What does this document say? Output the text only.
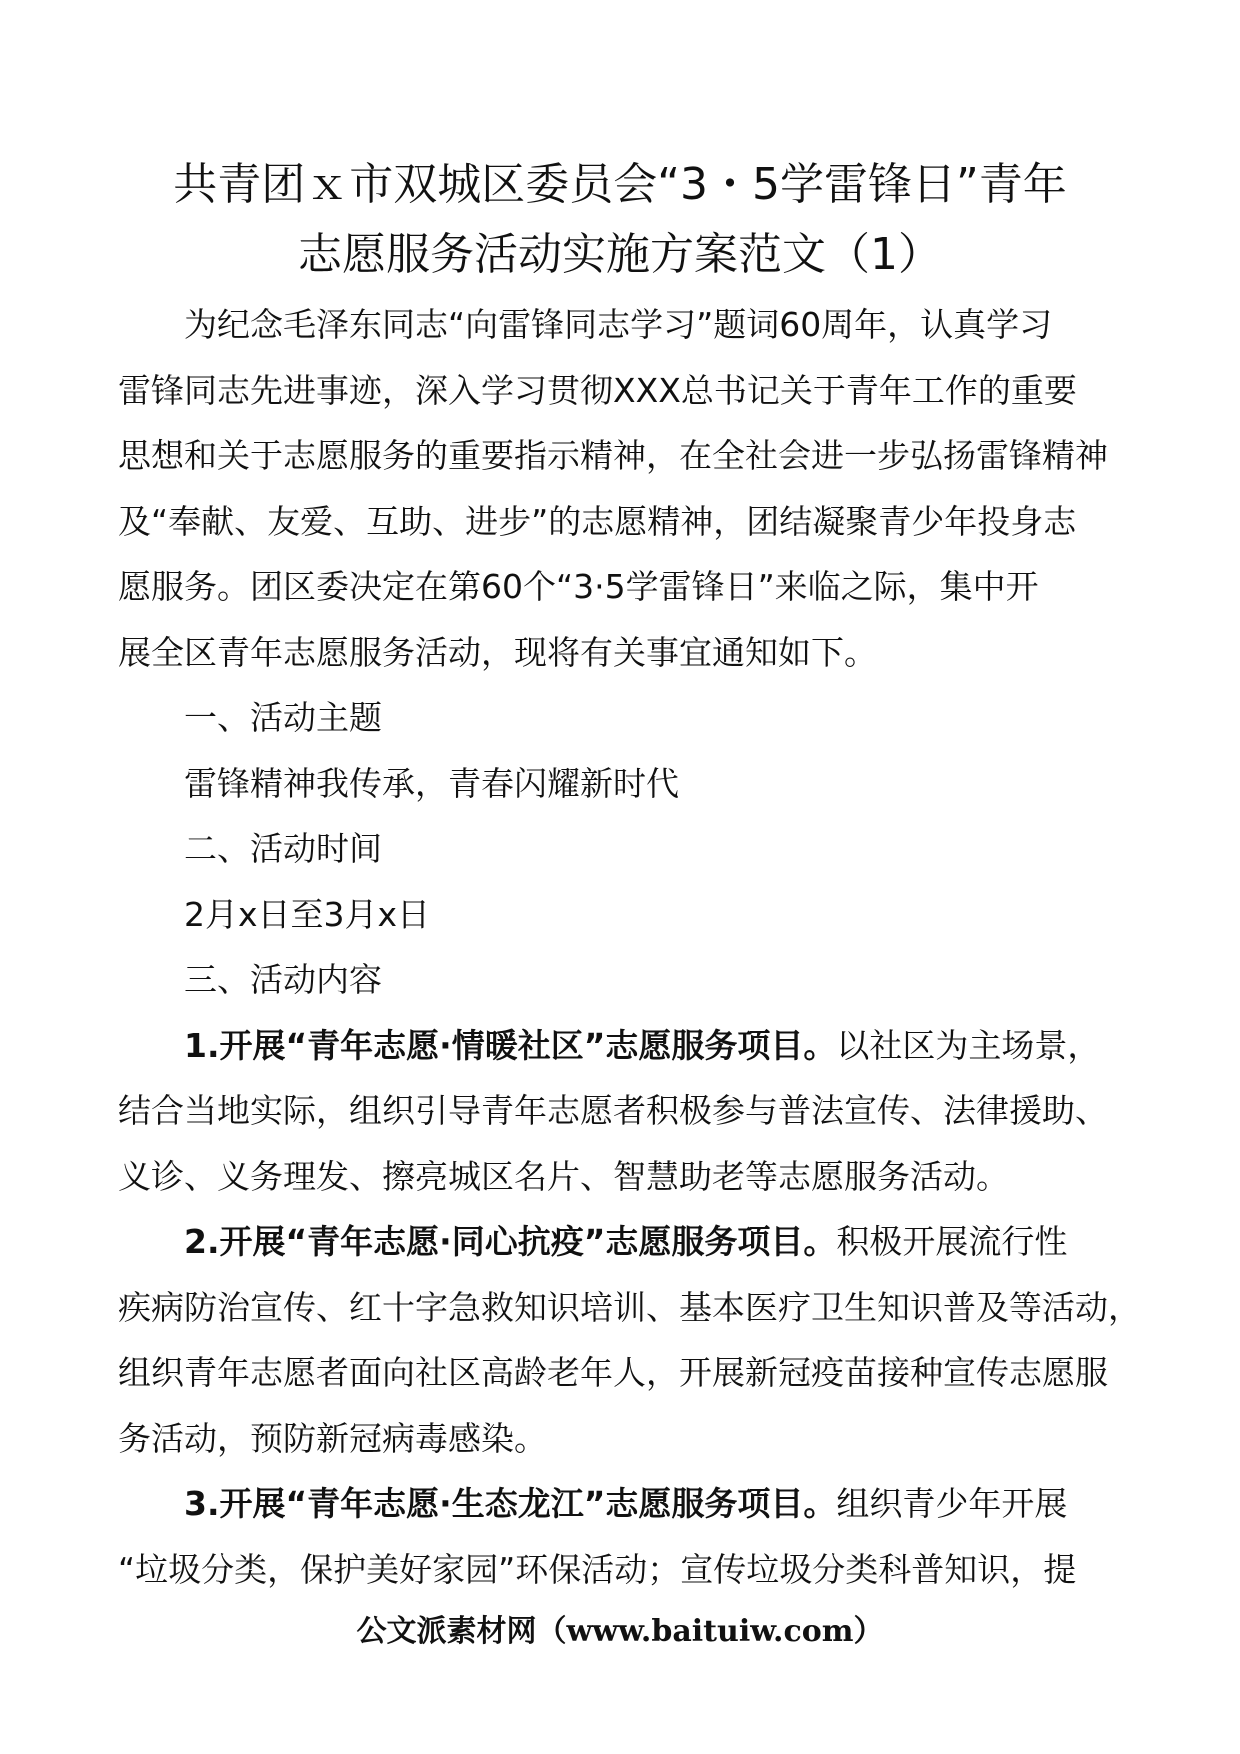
共青团ｘ市双城区委员会“3・5学雷锋日”青年
志愿服务活动实施方案范文（1）

为纪念毛泽东同志“向雷锋同志学习”题词60周年，认真学习
雷锋同志先进事迹，深入学习贯彻XXX总书记关于青年工作的重要
思想和关于志愿服务的重要指示精神，在全社会进一步弘扬雷锋精神
及“奉献、友爱、互助、进步”的志愿精神，团结凝聚青少年投身志
愿服务。团区委决定在第60个“3·5学雷锋日”来临之际，集中开
展全区青年志愿服务活动，现将有关事宜通知如下。

一、活动主题

雷锋精神我传承，青春闪耀新时代

二、活动时间

2月x日至3月x日

三、活动内容

1.开展“青年志愿·情暖社区”志愿服务项目。以社区为主场景，
结合当地实际，组织引导青年志愿者积极参与普法宣传、法律援助、
义诊、义务理发、擦亮城区名片、智慧助老等志愿服务活动。

2.开展“青年志愿·同心抗疫”志愿服务项目。积极开展流行性
疾病防治宣传、红十字急救知识培训、基本医疗卫生知识普及等活动，
组织青年志愿者面向社区高龄老年人，开展新冠疫苗接种宣传志愿服
务活动，预防新冠病毒感染。

3.开展“青年志愿·生态龙江”志愿服务项目。组织青少年开展
“垃圾分类，保护美好家园”环保活动；宣传垃圾分类科普知识，提

公文派素材网（www.baituiw.com）
